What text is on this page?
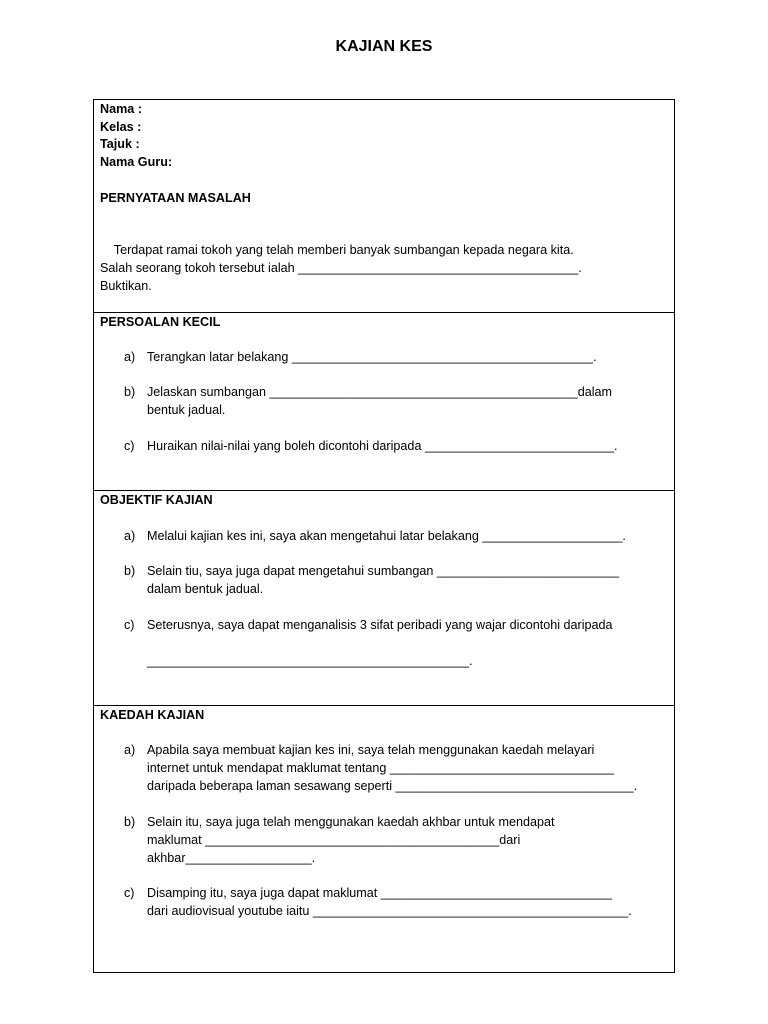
KAJIAN KES
Nama :
Kelas :
Tajuk :
Nama Guru:
PERNYATAAN MASALAH
Terdapat ramai tokoh yang telah memberi banyak sumbangan kepada negara kita.
Salah seorang tokoh tersebut ialah ________________________________________.
Buktikan.
PERSOALAN KECIL
a) Terangkan latar belakang ___________________________________________.
b) Jelaskan sumbangan ____________________________________________dalam
bentuk jadual.
c) Huraikan nilai-nilai yang boleh dicontohi daripada ___________________________.
OBJEKTIF KAJIAN
a) Melalui kajian kes ini, saya akan mengetahui latar belakang ____________________.
b) Selain tiu, saya juga dapat mengetahui sumbangan __________________________
dalam bentuk jadual.
c) Seterusnya, saya dapat menganalisis 3 sifat peribadi yang wajar dicontohi daripada
______________________________________________.
KAEDAH KAJIAN
a) Apabila saya membuat kajian kes ini, saya telah menggunakan kaedah melayari
internet untuk mendapat maklumat tentang ________________________________
daripada beberapa laman sesawang seperti __________________________________.
b) Selain itu, saya juga telah menggunakan kaedah akhbar untuk mendapat
maklumat __________________________________________dari
akhbar__________________.
c) Disamping itu, saya juga dapat maklumat _________________________________
dari audiovisual youtube iaitu _____________________________________________.
